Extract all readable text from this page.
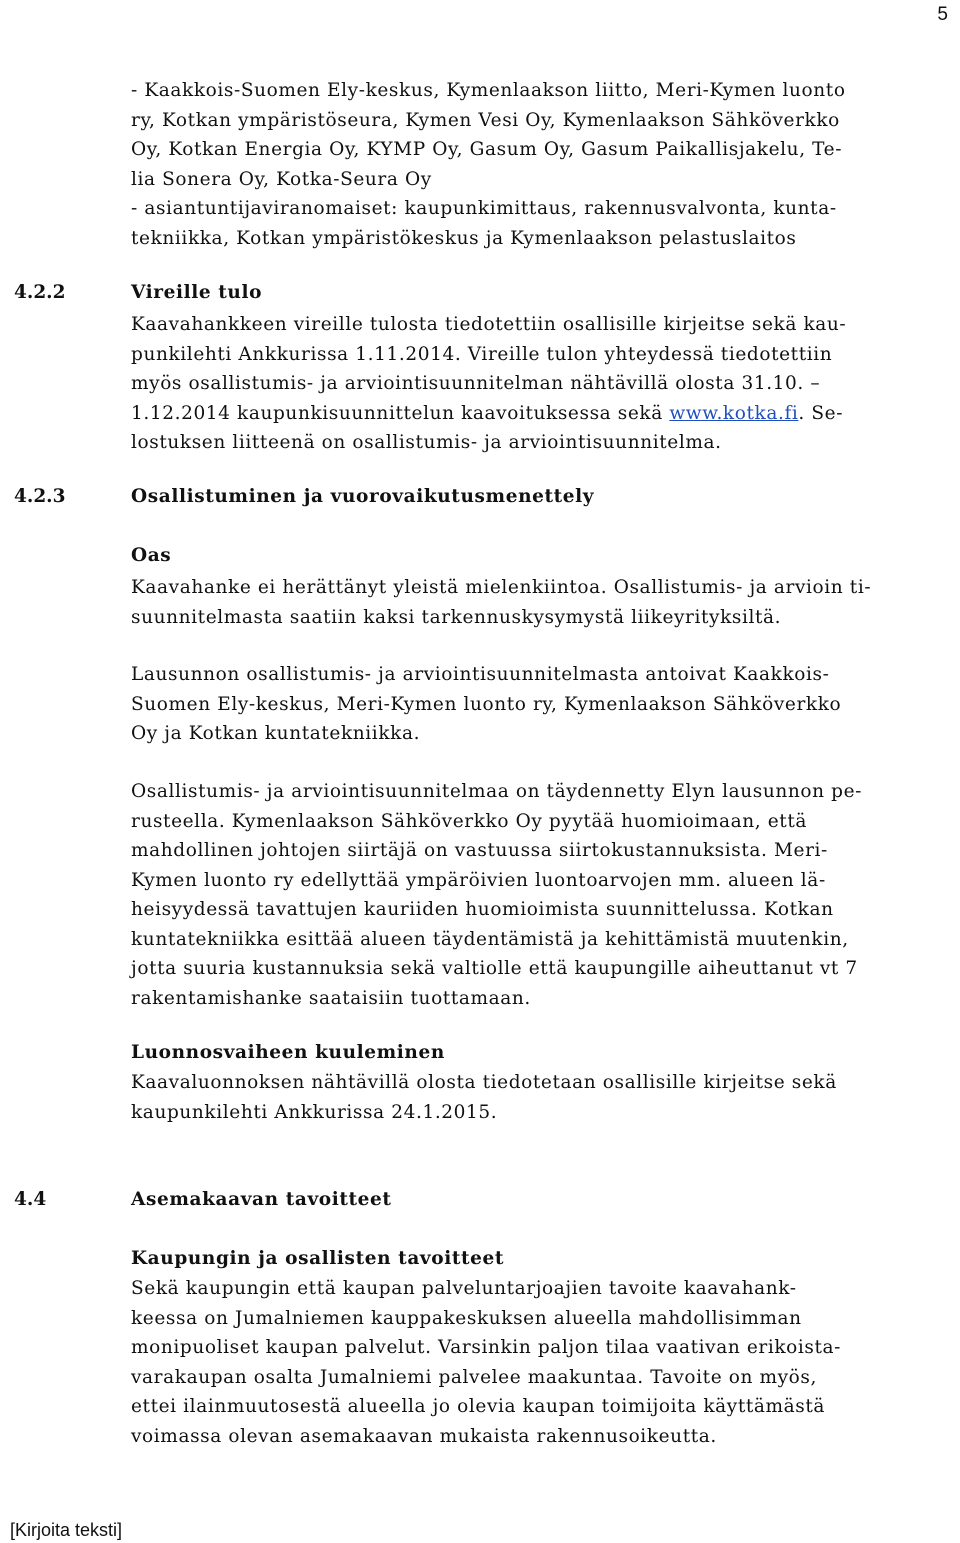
5
- Kaakkois-Suomen Ely-keskus, Kymenlaakson liitto, Meri-Kymen luonto
ry, Kotkan ympäristöseura, Kymen Vesi Oy, Kymenlaakson Sähköverkko
Oy, Kotkan Energia Oy, KYMP Oy, Gasum Oy, Gasum Paikallisjakelu, Te-
lia Sonera Oy, Kotka-Seura Oy
- asiantuntijaviranomaiset: kaupunkimittaus, rakennusvalvonta, kunta-
tekniikka, Kotkan ympäristökeskus ja Kymenlaakson pelastuslaitos
4.2.2	Vireille tulo
Kaavahankkeen vireille tulosta tiedotettiin osallisille kirjeitse sekä kau-
punkilehti Ankkurissa 1.11.2014. Vireille tulon yhteydessä tiedotettiin
myös osallistumis- ja arviointisuunnitelman nähtävillä olosta 31.10. –
1.12.2014 kaupunkisuunnittelun kaavoituksessa sekä www.kotka.fi. Se-
lostuksen liitteenä on osallistumis- ja arviointisuunnitelma.
4.2.3	Osallistuminen ja vuorovaikutusmenettely
Oas
Kaavahanke ei herättänyt yleistä mielenkiintoa. Osallistumis- ja arvioin ti-
suunnitelmasta saatiin kaksi tarkennuskysymystä liikeyrityksiltä.
Lausunnon osallistumis- ja arviointisuunnitelmasta antoivat Kaakkois-
Suomen Ely-keskus, Meri-Kymen luonto ry, Kymenlaakson Sähköverkko
Oy ja Kotkan kuntatekniikka.
Osallistumis- ja arviointisuunnitelmaa on täydennetty Elyn lausunnon pe-
rusteella. Kymenlaakson Sähköverkko Oy pyytää huomioimaan, että
mahdollinen johtojen siirtäjä on vastuussa siirtokustannuksista. Meri-
Kymen luonto ry edellyttää ympäröivien luontoarvojen mm. alueen lä-
heisyydessä tavattujen kauriiden huomioimista suunnittelussa. Kotkan
kuntatekniikka esittää alueen täydentämistä ja kehittämistä muutenkin,
jotta suuria kustannuksia sekä valtiolle että kaupungille aiheuttanut vt 7
rakentamishanke saataisiin tuottamaan.
Luonnosvaiheen kuuleminen
Kaavaluonnoksen nähtävillä olosta tiedotetaan osallisille kirjeitse sekä
kaupunkilehti Ankkurissa 24.1.2015.
4.4	Asemakaavan tavoitteet
Kaupungin ja osallisten tavoitteet
Sekä kaupungin että kaupan palveluntarjoajien tavoite kaavahank-
keessa on Jumalniemen kauppakeskuksen alueella mahdollisimman
monipuoliset kaupan palvelut. Varsinkin paljon tilaa vaativan erikoista-
varakaupan osalta Jumalniemi palvelee maakuntaa. Tavoite on myös,
ettei ilainmuutosestä alueella jo olevia kaupan toimijoita käyttämästä
voimassa olevan asemakaavan mukaista rakennusoikeutta.
[Kirjoita teksti]
